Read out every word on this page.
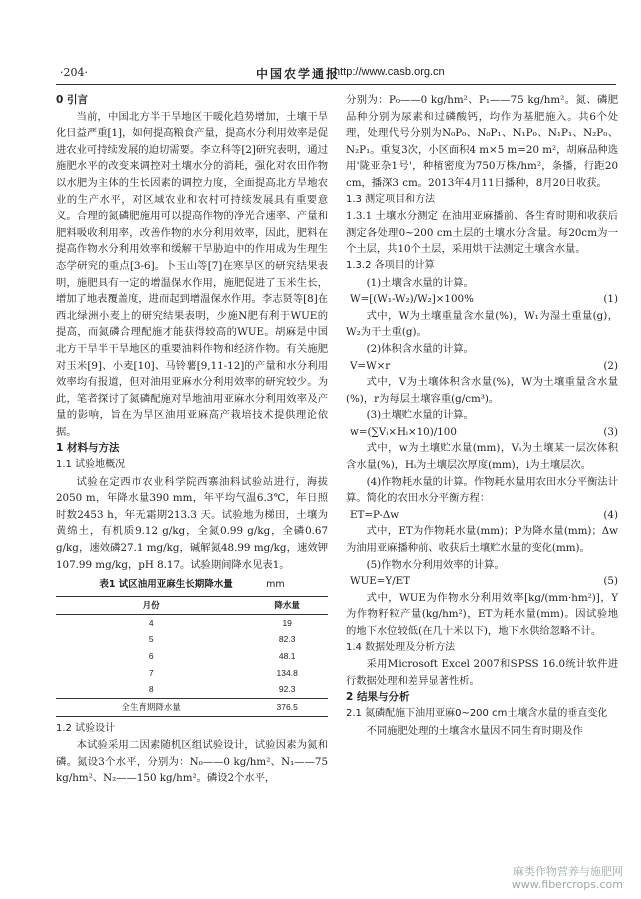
·204·	中国农学通报
http://www.casb.org.cn

0 引言

当前，中国北方半干旱地区干暖化趋势增加，土壤干旱化日益严重[1]，如何提高粮食产量，提高水分利用效率是促进农业可持续发展的迫切需要。李立科等[2]研究表明，通过施肥水平的改变来调控对土壤水分的消耗，强化对农田作物以水肥为主体的生长因素的调控力度，全面提高北方旱地农业的生产水平，对区域农业和农村可持续发展具有重要意义。合理的氮磷肥施用可以提高作物的净光合速率、产量和肥料吸收利用率，改善作物的水分利用效率，因此，肥料在提高作物水分利用效率和缓解干旱胁迫中的作用成为生理生态学研究的重点[3-6]。卜玉山等[7]在寒旱区的研究结果表明，施肥具有一定的增温保水作用，施肥促进了玉米生长，增加了地表覆盖度，进而起到增温保水作用。李志贤等[8]在西北绿洲小麦上的研究结果表明，少施N肥有利于WUE的提高，而氮磷合理配施才能获得较高的WUE。胡麻是中国北方干旱半干旱地区的重要油料作物和经济作物。有关施肥对玉米[9]、小麦[10]、马铃薯[9,11-12]的产量和水分利用效率均有报道，但对油用亚麻水分利用效率的研究较少。为此，笔者探讨了氮磷配施对旱地油用亚麻水分利用效率及产量的影响，旨在为旱区油用亚麻高产栽培技术提供理论依据。

1 材料与方法

1.1 试验地概况

试验在定西市农业科学院西寨油料试验站进行，海拔2050 m，年降水量390 mm，年平均气温6.3℃，年日照时数2453 h，年无霜期213.3 天。试验地为梯田，土壤为黄绵土，有机质9.12 g/kg，全氮0.99 g/kg，全磷0.67 g/kg，速效磷27.1 mg/kg，碱解氮48.99 mg/kg，速效钾107.99 mg/kg，pH 8.17。试验期间降水见表1。

表1 试区油用亚麻生长期降水量	mm
月份	降水量
4	19
5	82.3
6	48.1
7	134.8
8	92.3
全生育期降水量	376.5

1.2 试验设计

本试验采用二因素随机区组试验设计，试验因素为氮和磷。氮设3个水平，分别为：N₀——0 kg/hm²、N₁——75 kg/hm²、N₂——150 kg/hm²。磷设2个水平，

分别为：P₀——0 kg/hm²、P₁——75 kg/hm²。氮、磷肥品种分别为尿素和过磷酸钙，均作为基肥施入。共6个处理，处理代号分别为N₀P₀、N₀P₁、N₁P₀、N₁P₁、N₂P₀、N₂P₁。重复3次，小区面积4 m×5 m=20 m²，胡麻品种选用'陇亚杂1号'，种植密度为750万株/hm²，条播，行距20 cm，播深3 cm。2013年4月11日播种，8月20日收获。

1.3 测定项目和方法

1.3.1 土壤水分测定 在油用亚麻播前、各生育时期和收获后测定各处理0~200 cm土层的土壤水分含量。每20cm为一个土层，共10个土层，采用烘干法测定土壤含水量。

1.3.2 各项目的计算

(1)土壤含水量的计算。

W=[(W₁-W₂)/W₂]×100%	(1)

式中，W为土壤重量含水量(%)，W₁为湿土重量(g)，W₂为干土重(g)。

(2)体积含水量的计算。

V=W×r	(2)

式中，V为土壤体积含水量(%)，W为土壤重量含水量(%)，r为每层土壤容重(g/cm³)。

(3)土壤贮水量的计算。

w=(∑Vᵢ×Hᵢ×10)/100	(3)

式中，w为土壤贮水量(mm)，Vᵢ为土壤某一层次体积含水量(%)，Hᵢ为土壤层次厚度(mm)，i为土壤层次。

(4)作物耗水量的计算。作物耗水量用农田水分平衡法计算。简化的农田水分平衡方程：

ET=P-Δw	(4)

式中，ET为作物耗水量(mm)；P为降水量(mm)；Δw为油用亚麻播种前、收获后土壤贮水量的变化(mm)。

(5)作物水分利用效率的计算。

WUE=Y/ET	(5)

式中，WUE为作物水分利用效率[kg/(mm·hm²)]，Y为作物籽粒产量(kg/hm²)，ET为耗水量(mm)。因试验地的地下水位较低(在几十米以下)，地下水供给忽略不计。

1.4 数据处理及分析方法

采用Microsoft Excel 2007和SPSS 16.0统计软件进行数据处理和差异显著性析。

2 结果与分析

2.1 氮磷配施下油用亚麻0~200 cm土壤含水量的垂直变化

不同施肥处理的土壤含水量因不同生育时期及作

麻类作物营养与施肥网
www.fibercrops.com
